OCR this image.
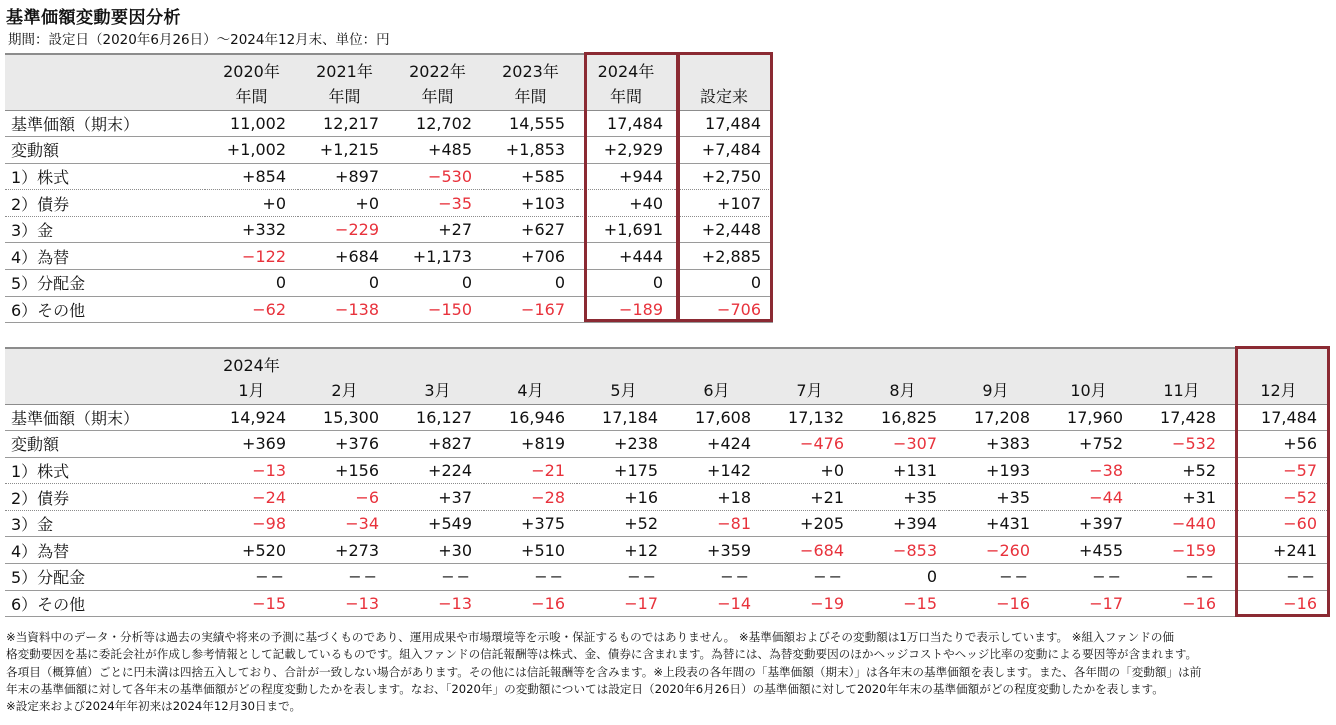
基準価額変動要因分析
期間：設定日（2020年6月26日）～2024年12月末、単位：円
	2020年	2021年	2022年	2023年	2024年	
	年間	年間	年間	年間	年間	設定来
基準価額（期末）	11,002	12,217	12,702	14,555	17,484	17,484
変動額	+1,002	+1,215	+485	+1,853	+2,929	+7,484
1）株式	+854	+897	−530	+585	+944	+2,750
2）債券	+0	+0	−35	+103	+40	+107
3）金	+332	−229	+27	+627	+1,691	+2,448
4）為替	−122	+684	+1,173	+706	+444	+2,885
5）分配金	0	0	0	0	0	0
6）その他	−62	−138	−150	−167	−189	−706
	2024年											
	1月	2月	3月	4月	5月	6月	7月	8月	9月	10月	11月	12月
基準価額（期末）	14,924	15,300	16,127	16,946	17,184	17,608	17,132	16,825	17,208	17,960	17,428	17,484
変動額	+369	+376	+827	+819	+238	+424	−476	−307	+383	+752	−532	+56
1）株式	−13	+156	+224	−21	+175	+142	+0	+131	+193	−38	+52	−57
2）債券	−24	−6	+37	−28	+16	+18	+21	+35	+35	−44	+31	−52
3）金	−98	−34	+549	+375	+52	−81	+205	+394	+431	+397	−440	−60
4）為替	+520	+273	+30	+510	+12	+359	−684	−853	−260	+455	−159	+241
5）分配金	−−	−−	−−	−−	−−	−−	−−	0	−−	−−	−−	−−
6）その他	−15	−13	−13	−16	−17	−14	−19	−15	−16	−17	−16	−16
※当資料中のデータ・分析等は過去の実績や将来の予測に基づくものであり、運用成果や市場環境等を示唆・保証するものではありません。 ※基準価額およびその変動額は1万口当たりで表示しています。 ※組入ファンドの価
格変動要因を基に委託会社が作成し参考情報として記載しているものです。組入ファンドの信託報酬等は株式、金、債券に含まれます。為替には、為替変動要因のほかヘッジコストやヘッジ比率の変動による要因等が含まれます。
各項目（概算値）ごとに円未満は四捨五入しており、合計が一致しない場合があります。その他には信託報酬等を含みます。※上段表の各年間の「基準価額（期末）」は各年末の基準価額を表します。また、各年間の「変動額」は前
年末の基準価額に対して各年末の基準価額がどの程度変動したかを表します。なお、「2020年」の変動額については設定日（2020年6月26日）の基準価額に対して2020年年末の基準価額がどの程度変動したかを表します。
※設定来および2024年年初来は2024年12月30日まで。
